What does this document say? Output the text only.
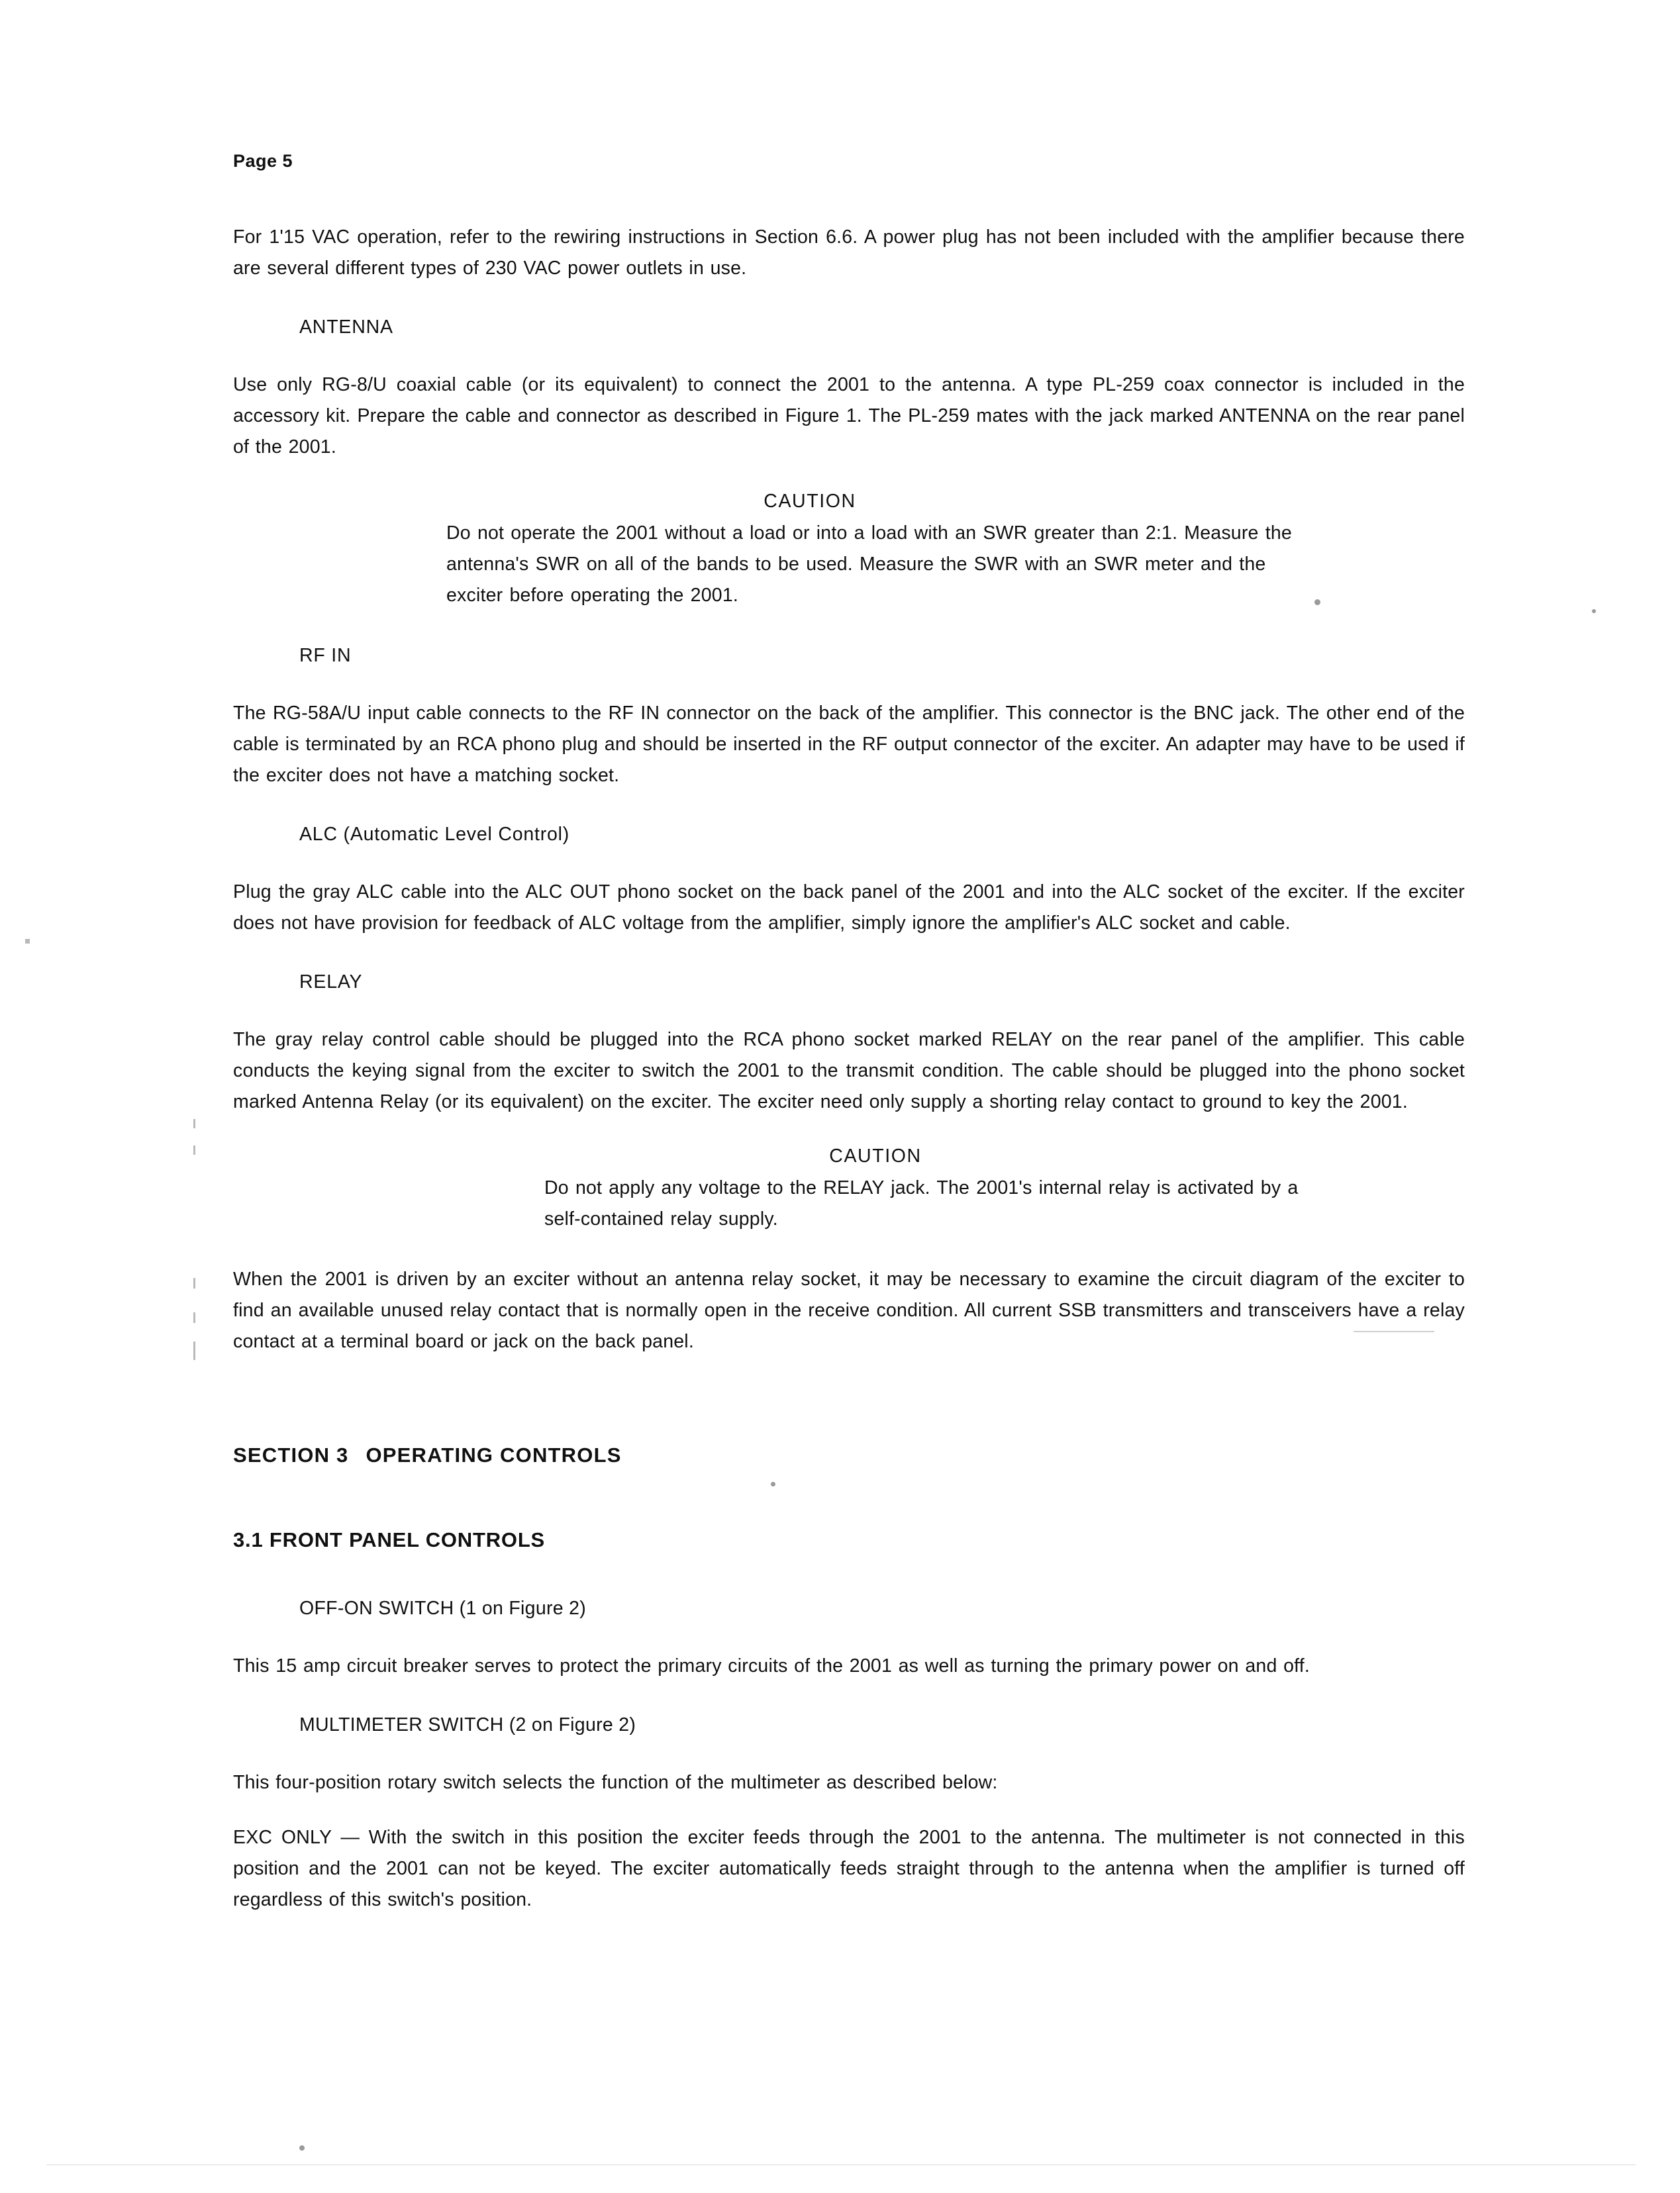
Page 5

For 1'15 VAC operation, refer to the rewiring instructions in Section 6.6. A power plug has not been included with the amplifier because there are several different types of 230 VAC power outlets in use.

ANTENNA

Use only RG-8/U coaxial cable (or its equivalent) to connect the 2001 to the antenna. A type PL-259 coax connector is included in the accessory kit. Prepare the cable and connector as described in Figure 1. The PL-259 mates with the jack marked ANTENNA on the rear panel of the 2001.

CAUTION
Do not operate the 2001 without a load or into a load with an SWR greater than 2:1. Measure the antenna's SWR on all of the bands to be used. Measure the SWR with an SWR meter and the exciter before operating the 2001.
RF IN

The RG-58A/U input cable connects to the RF IN connector on the back of the amplifier. This connector is the BNC jack. The other end of the cable is terminated by an RCA phono plug and should be inserted in the RF output connector of the exciter. An adapter may have to be used if the exciter does not have a matching socket.

ALC (Automatic Level Control)

Plug the gray ALC cable into the ALC OUT phono socket on the back panel of the 2001 and into the ALC socket of the exciter. If the exciter does not have provision for feedback of ALC voltage from the amplifier, simply ignore the amplifier's ALC socket and cable.

RELAY

The gray relay control cable should be plugged into the RCA phono socket marked RELAY on the rear panel of the amplifier. This cable conducts the keying signal from the exciter to switch the 2001 to the transmit condition. The cable should be plugged into the phono socket marked Antenna Relay (or its equivalent) on the exciter. The exciter need only supply a shorting relay contact to ground to key the 2001.

CAUTION
Do not apply any voltage to the RELAY jack. The 2001's internal relay is activated by a self-contained relay supply.

When the 2001 is driven by an exciter without an antenna relay socket, it may be necessary to examine the circuit diagram of the exciter to find an available unused relay contact that is normally open in the receive condition. All current SSB transmitters and transceivers have a relay contact at a terminal board or jack on the back panel.

SECTION 3 OPERATING CONTROLS
3.1 FRONT PANEL CONTROLS
OFF-ON SWITCH (1 on Figure 2)

This 15 amp circuit breaker serves to protect the primary circuits of the 2001 as well as turning the primary power on and off.

MULTIMETER SWITCH (2 on Figure 2)

This four-position rotary switch selects the function of the multimeter as described below:

EXC ONLY — With the switch in this position the exciter feeds through the 2001 to the antenna. The multimeter is not connected in this position and the 2001 can not be keyed. The exciter automatically feeds straight through to the antenna when the amplifier is turned off regardless of this switch's position.
